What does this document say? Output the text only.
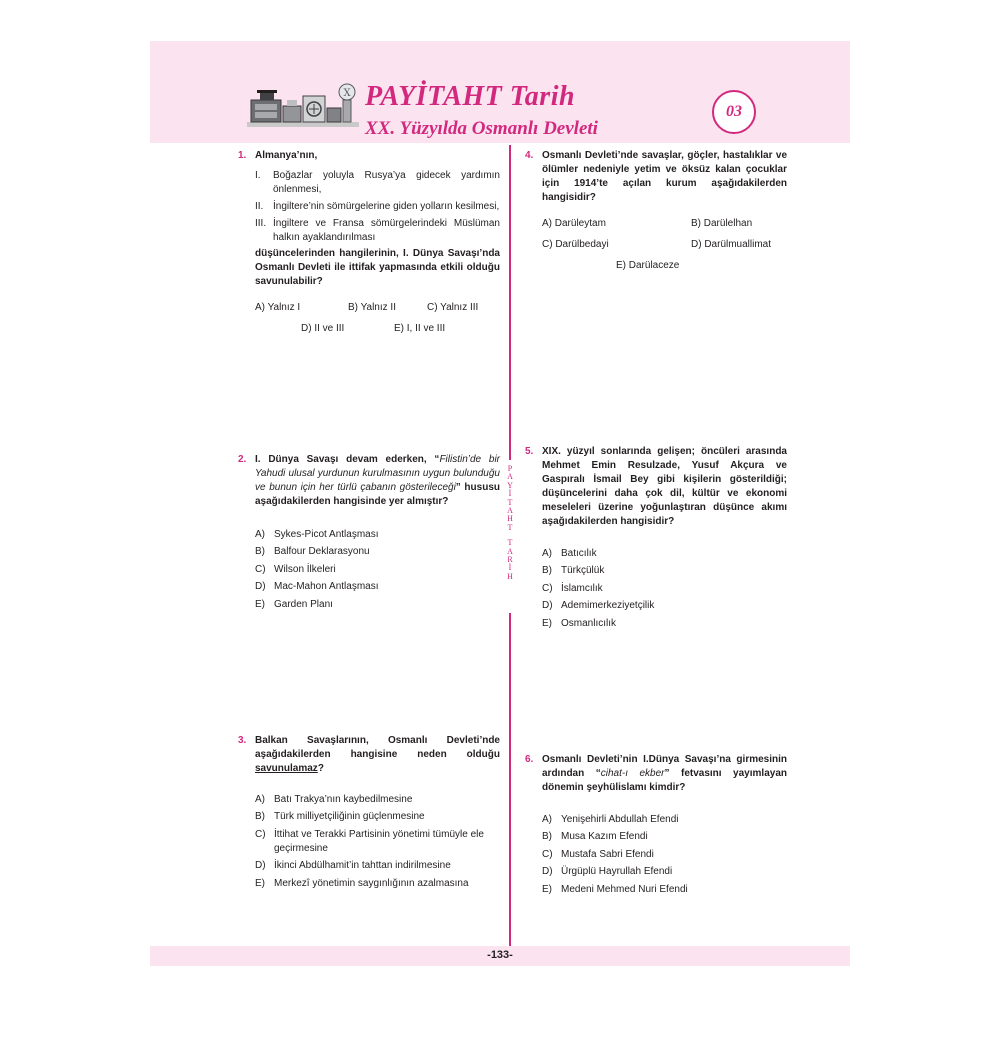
X PAYİTAHT Tarih
XX. Yüzyılda Osmanlı Devleti
03
P
A
Y
İ
T
A
H
T

T
A
R
İ
H
-133-
1. Almanya’nın,
I. Boğazlar yoluyla Rusya’ya gidecek yardımın önlenmesi,
II. İngiltere’nin sömürgelerine giden yolların kesilmesi,
III. İngiltere ve Fransa sömürgelerindeki Müslüman halkın ayaklandırılması
düşüncelerinden hangilerinin, I. Dünya Savaşı’nda Osmanlı Devleti ile ittifak yapmasında etkili olduğu savunulabilir?
A) Yalnız I	B) Yalnız II	C) Yalnız III
D) II ve III	E) I, II ve III
2. I. Dünya Savaşı devam ederken, “Filistin’de bir Yahudi ulusal yurdunun kurulmasının uygun bulunduğu ve bunun için her türlü çabanın gösterileceği” hususu aşağıdakilerden hangisinde yer almıştır?
A) Sykes-Picot Antlaşması
B) Balfour Deklarasyonu
C) Wilson İlkeleri
D) Mac-Mahon Antlaşması
E) Garden Planı
3. Balkan Savaşlarının, Osmanlı Devleti’nde aşağıdakilerden hangisine neden olduğu savunulamaz?
A) Batı Trakya’nın kaybedilmesine
B) Türk milliyetçiliğinin güçlenmesine
C) İttihat ve Terakki Partisinin yönetimi tümüyle ele geçirmesine
D) İkinci Abdülhamit’in tahttan indirilmesine
E) Merkezî yönetimin saygınlığının azalmasına
4. Osmanlı Devleti’nde savaşlar, göçler, hastalıklar ve ölümler nedeniyle yetim ve öksüz kalan çocuklar için 1914’te açılan kurum aşağıdakilerden hangisidir?
A) Darüleytam	B) Darülelhan
C) Darülbedayi	D) Darülmuallimat
E) Darülaceze
5. XIX. yüzyıl sonlarında gelişen; öncüleri arasında Mehmet Emin Resulzade, Yusuf Akçura ve Gaspıralı İsmail Bey gibi kişilerin gösterildiği; düşüncelerini daha çok dil, kültür ve ekonomi meseleleri üzerine yoğunlaştıran düşünce akımı aşağıdakilerden hangisidir?
A) Batıcılık
B) Türkçülük
C) İslamcılık
D) Ademimerkeziyetçilik
E) Osmanlıcılık
6. Osmanlı Devleti’nin I.Dünya Savaşı’na girmesinin ardından “cihat-ı ekber” fetvasını yayımlayan dönemin şeyhülislamı kimdir?
A) Yenişehirli Abdullah Efendi
B) Musa Kazım Efendi
C) Mustafa Sabri Efendi
D) Ürgüplü Hayrullah Efendi
E) Medeni Mehmed Nuri Efendi
